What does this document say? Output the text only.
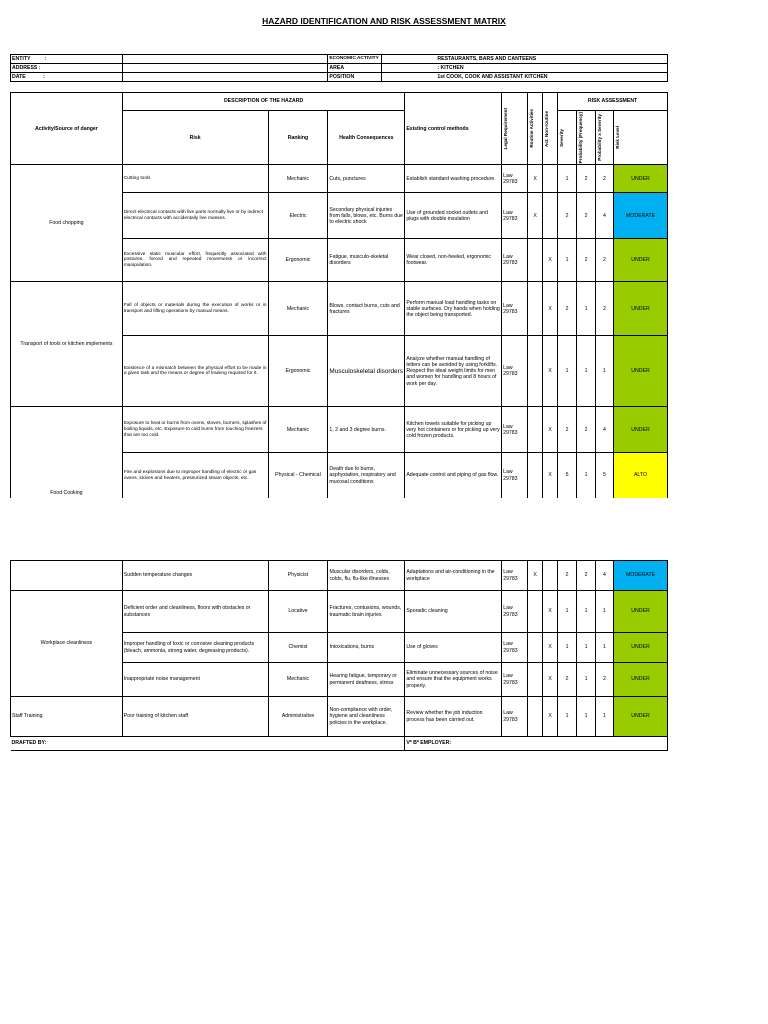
HAZARD IDENTIFICATION AND RISK ASSESSMENT MATRIX
ENTITY :		ECONOMIC ACTIVITY	RESTAURANTS, BARS AND CANTEENS
ADDRESS :		AREA	: KITCHEN
DATE :		POSITION	1st COOK, COOK AND ASSISTANT KITCHEN
Activity/Source of danger	DESCRIPTION OF THE HAZARD			Existing control methods	Legal Requirement	Routine Activities	Act. Non-routine	RISK ASSESSMENT			
	Risk	Ranking	Health Consequences					Severity	Probability (Frequency)	Probability x Severity	Risk Level

Food chopping	Cutting tools	Mechanic	Cuts, punctures	Establish standard washing procedure.	Law 29783	X		1	2	2	UNDER
	Direct electrical contacts with live parts normally live or by indirect electrical contacts with accidentally live masses.	Electric	Secondary physical injuries from falls, blows, etc. Burns due to electric shock	Use of grounded socket outlets and plugs with double insulation	Law 29783	X		2	2	4	MODERATE
	Excessive static muscular effort, frequently associated with postures, forced and repeated movements or incorrect manipulation.	Ergonomic	Fatigue, musculo-skeletal disorders	Wear closed, non-heeled, ergonomic footwear.	Law 29783		X	1	2	2	UNDER
Transport of tools or kitchen implements	Fall of objects or materials during the execution of works or in transport and lifting operations by manual means.	Mechanic	Blows, contact burns, cuts and fractures	Perform manual load handling tasks on stable surfaces. Dry hands when holding the object being transported.	Law 29783		X	2	1	2	UNDER
	Existence of a mismatch between the physical effort to be made in a given task and the means or degree of training required for it.	Ergonomic	Musculoskeletal disorders	Analyze whether manual handling of letters can be avoided by using forklifts. Respect the ideal weight limits for men and women for handling and 8 hours of work per day.	Law 29783		X	1	1	1	UNDER
Food Cooking	Exposure to heat or burns from ovens, stoves, burners, splashes of boiling liquids, etc. Exposure to cold burns from touching freezers that are too cold.	Mechanic	1, 2 and 3 degree burns.	Kitchen towels suitable for picking up very hot containers or for picking up very cold frozen products.	Law 29783		X	2	2	4	UNDER
	Fire and explosions due to improper handling of electric or gas ovens, stoves and heaters, pressurized steam objects, etc.	Physical - Chemical	Death due to burns, asphyxiation, respiratory and mucosal conditions	Adequate control and piping of gas flow.	Law 29783		X	5	1	5	ALTO
	Sudden temperature changes	Physicist	Muscular disorders, colds, colds, flu, flu-like illnesses	Adaptations and air-conditioning in the workplace	Law 29783	X		2	2	4	MODERATE
Workplace cleanliness	Deficient order and cleanliness, floors with obstacles or substances	Locative	Fractures, contusions, wounds, traumatic brain injuries	Sporadic cleaning	Law 29783		X	1	1	1	UNDER
	Improper handling of toxic or corrosive cleaning products (bleach, ammonia, strong water, degreasing products).	Chemist	Intoxications, burns	Use of gloves	Law 29783		X	1	1	1	UNDER
	Inappropriate noise management	Mechanic	Hearing fatigue, temporary or permanent deafness, stress	Eliminate unnecessary sources of noise and ensure that the equipment works properly.	Law 29783		X	2	1	2	UNDER
Staff Training	Poor training of kitchen staff	Administrative	Non-compliance with order, hygiene and cleanliness policies in the workplace.	Review whether the job induction process has been carried out.	Law 29783		X	1	1	1	UNDER
DRAFTED BY:				Vº Bº EMPLOYER:							
